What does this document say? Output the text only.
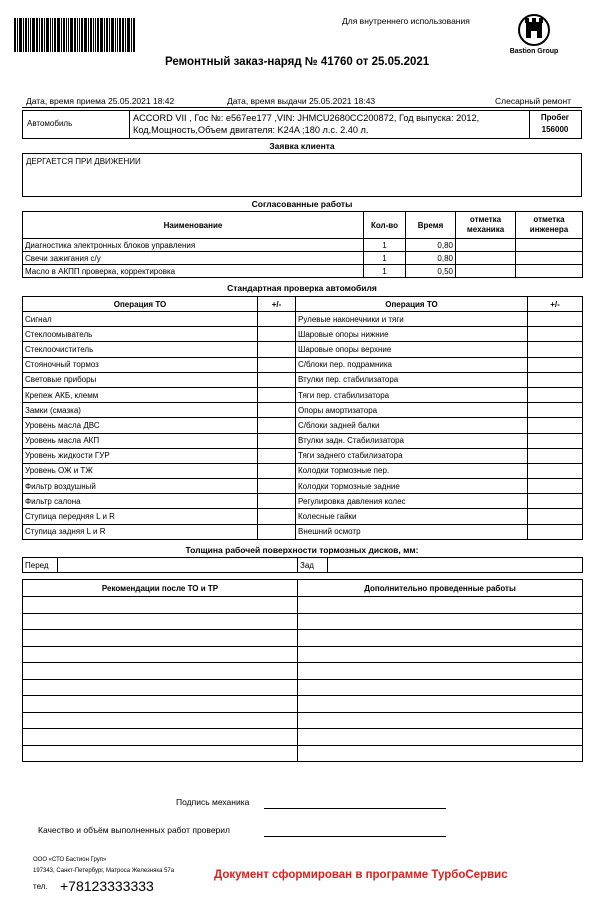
Для внутреннего использования
Bastion Group
Ремонтный заказ-наряд № 41760 от 25.05.2021
Дата, время приема 25.05.2021 18:42	Дата, время выдачи 25.05.2021 18:43	Слесарный ремонт
Автомобиль
ACCORD VII , Гос №: е567ее177 ,VIN: JHMCU2680CC200872, Год выпуска: 2012, Код,Мощность,Объем двигателя: K24A ;180 л.с. 2.40 л.
Пробег
156000
Заявка клиента
ДЕРГАЕТСЯ ПРИ ДВИЖЕНИИ
Согласованные работы
Наименование	Кол-во	Время	отметка механика	отметка инженера
Диагностика электронных блоков управления	1	0,80		
Свечи зажигания с/у	1	0,80		
Масло в АКПП проверка, корректировка	1	0,50		
Стандартная проверка автомобиля
Операция ТО	+/-	Операция ТО	+/-
Сигнал		Рулевые наконечники и тяги	
Стеклоомыватель		Шаровые опоры нижние	
Стеклоочиститель		Шаровые опоры верхние	
Стояночный тормоз		С/блоки пер. подрамника	
Световые приборы		Втулки пер. стабилизатора	
Крепеж АКБ, клемм		Тяги пер. стабилизатора	
Замки (смазка)		Опоры амортизатора	
Уровень масла ДВС		С/блоки задней балки	
Уровень масла АКП		Втулки задн. Стабилизатора	
Уровень жидкости ГУР		Тяги заднего стабилизатора	
Уровень ОЖ и ТЖ		Колодки тормозные пер.	
Фильтр воздушный		Колодки тормозные задние	
Фильтр салона		Регулировка давления колес	
Ступица передняя L и R		Колесные гайки	
Ступица задняя L и R		Внешний осмотр	
Толщина рабочей поверхности тормозных дисков, мм:
Перед		Зад	
Рекомендации после ТО и ТР	Дополнительно проведенные работы

Подпись механика
Качество и объём выполненных работ проверил
ООО «СТО Бастион Груп»
197343, Санкт-Петербург, Матроса Железняка 57а
тел. +78123333333
Документ сформирован в программе ТурбоСервис
